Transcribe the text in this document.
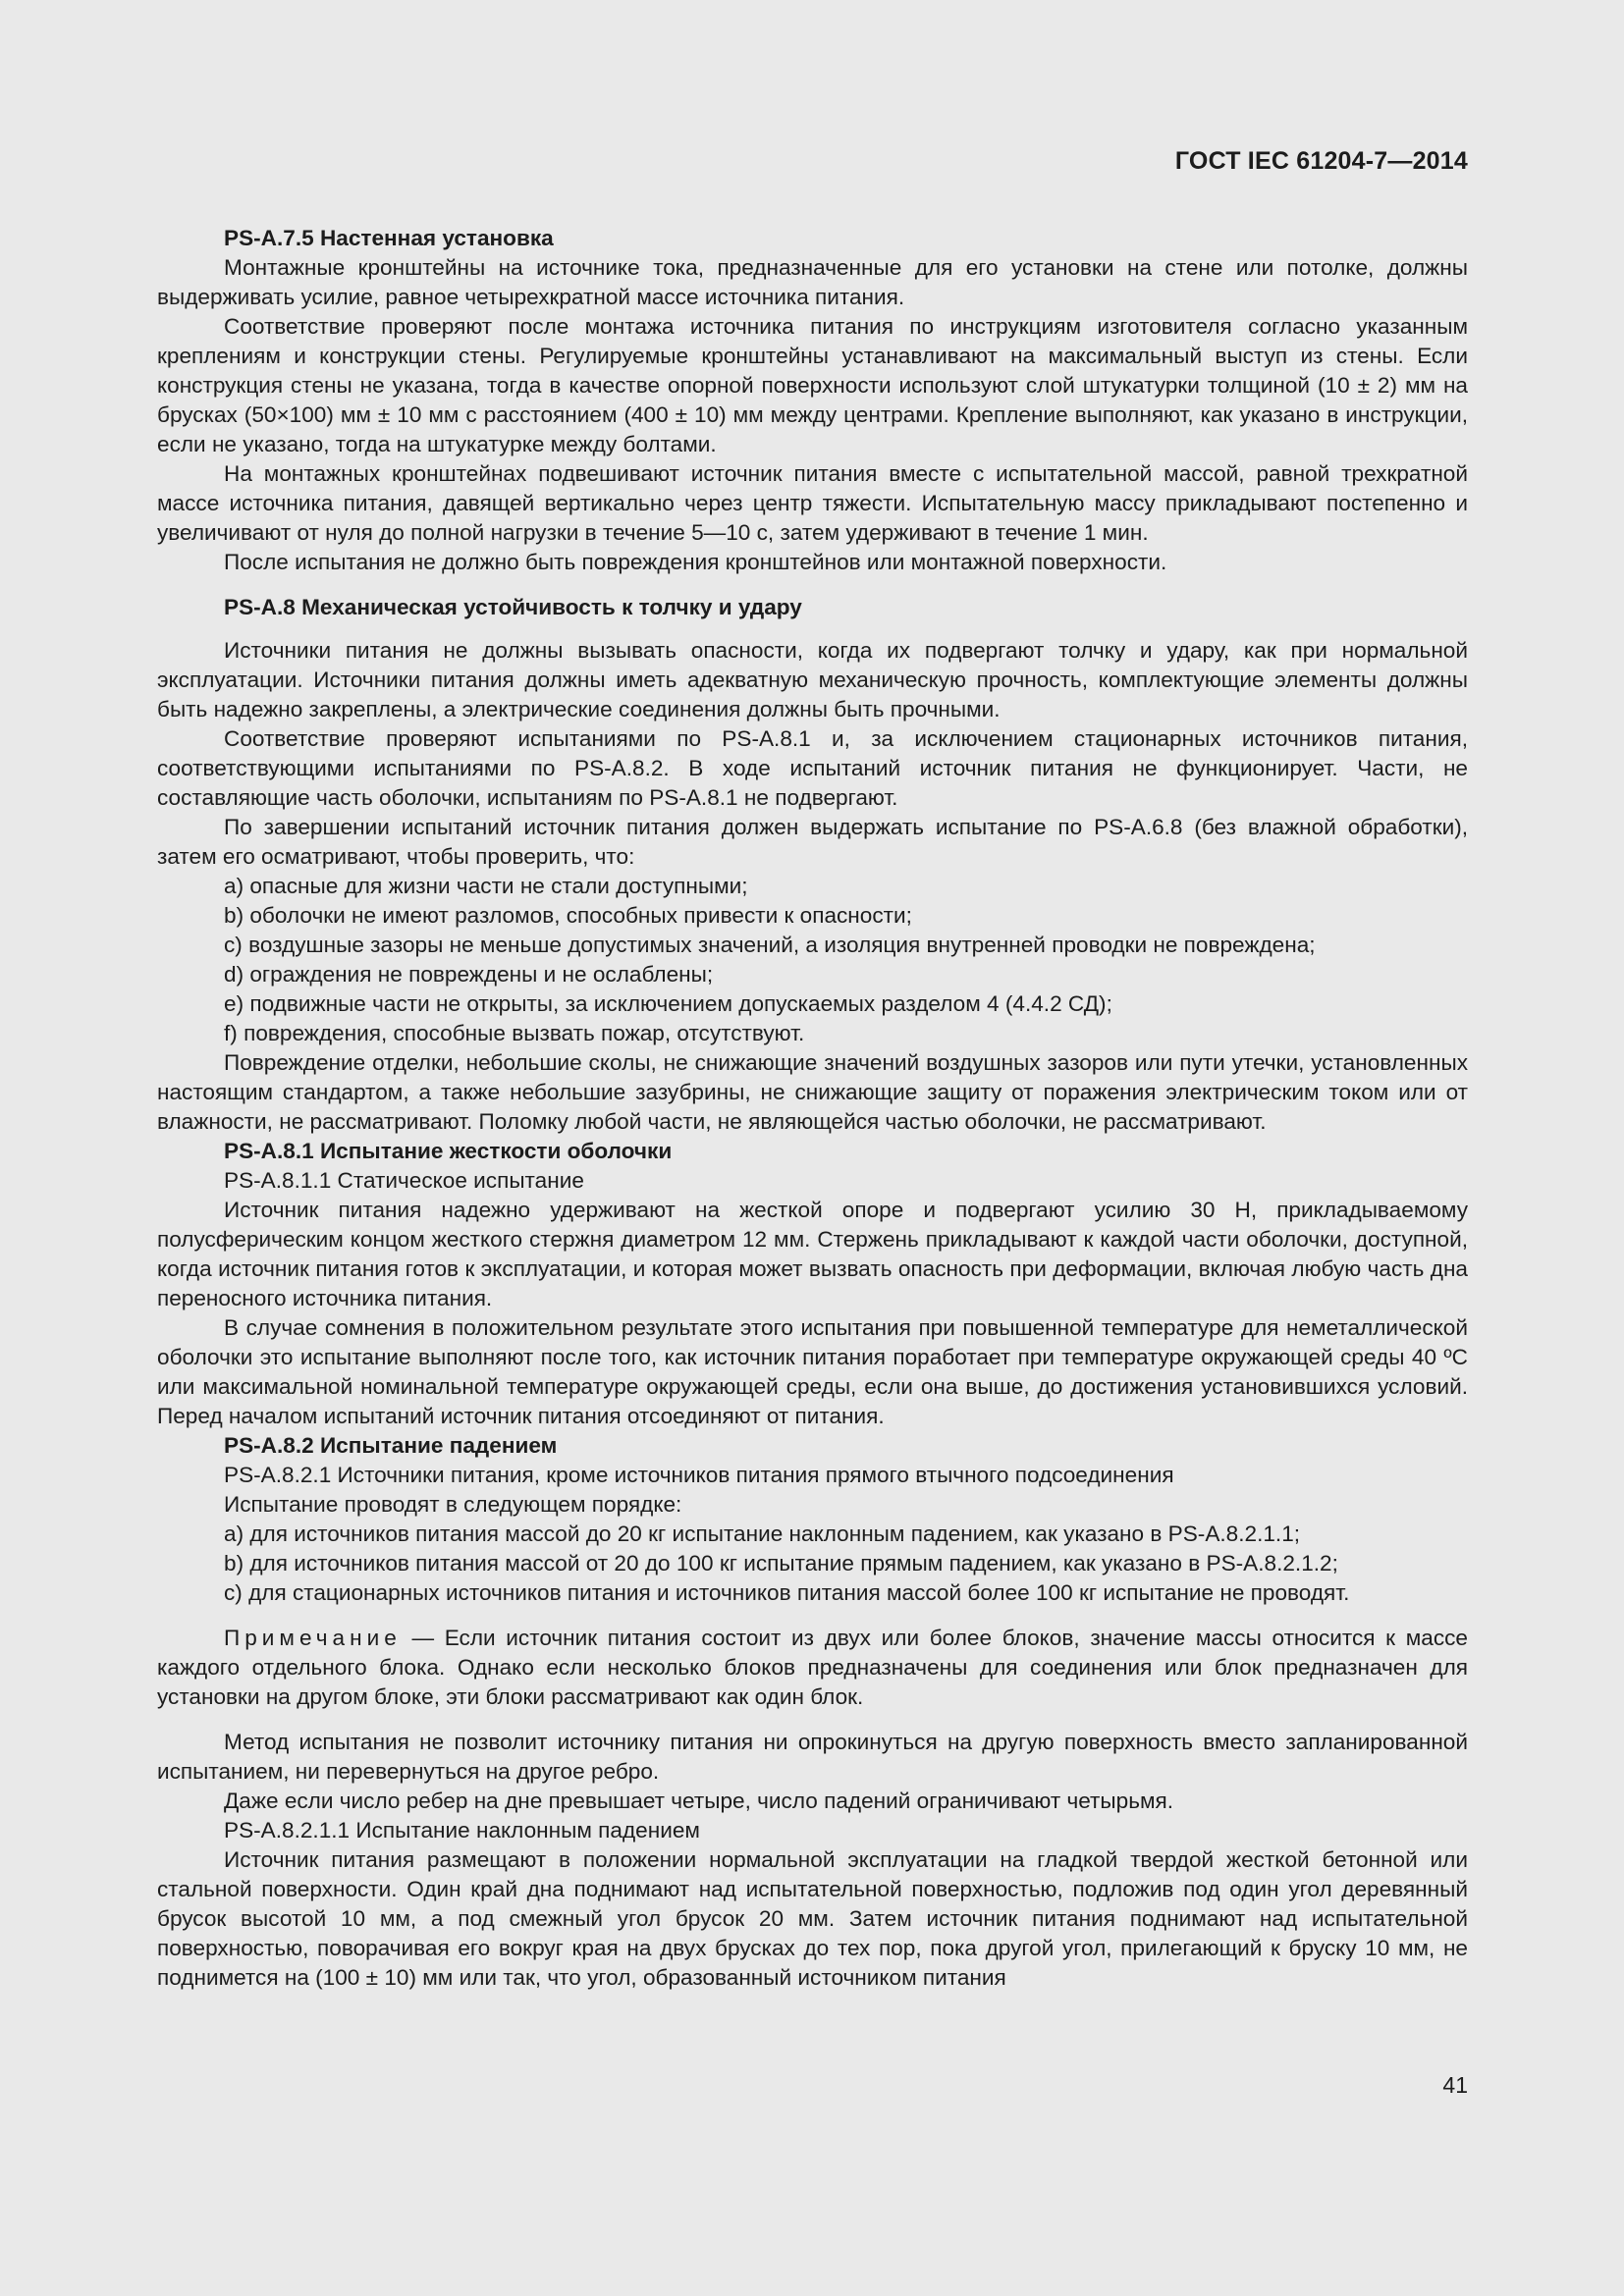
ГОСТ IEC 61204-7—2014

PS-A.7.5 Настенная установка

Монтажные кронштейны на источнике тока, предназначенные для его установки на стене или потолке, должны выдерживать усилие, равное четырехкратной массе источника питания.

Соответствие проверяют после монтажа источника питания по инструкциям изготовителя согласно указанным креплениям и конструкции стены. Регулируемые кронштейны устанавливают на максимальный выступ из стены. Если конструкция стены не указана, тогда в качестве опорной поверхности используют слой штукатурки толщиной (10 ± 2) мм на брусках (50×100) мм ± 10 мм с расстоянием (400 ± 10) мм между центрами. Крепление выполняют, как указано в инструкции, если не указано, тогда на штукатурке между болтами.

На монтажных кронштейнах подвешивают источник питания вместе с испытательной массой, равной трехкратной массе источника питания, давящей вертикально через центр тяжести. Испытательную массу прикладывают постепенно и увеличивают от нуля до полной нагрузки в течение 5—10 с, затем удерживают в течение 1 мин.

После испытания не должно быть повреждения кронштейнов или монтажной поверхности.

PS-A.8 Механическая устойчивость к толчку и удару

Источники питания не должны вызывать опасности, когда их подвергают толчку и удару, как при нормальной эксплуатации. Источники питания должны иметь адекватную механическую прочность, комплектующие элементы должны быть надежно закреплены, а электрические соединения должны быть прочными.

Соответствие проверяют испытаниями по PS-A.8.1 и, за исключением стационарных источников питания, соответствующими испытаниями по PS-A.8.2. В ходе испытаний источник питания не функционирует. Части, не составляющие часть оболочки, испытаниям по PS-A.8.1 не подвергают.

По завершении испытаний источник питания должен выдержать испытание по PS-A.6.8 (без влажной обработки), затем его осматривают, чтобы проверить, что:

a) опасные для жизни части не стали доступными;

b) оболочки не имеют разломов, способных привести к опасности;

c) воздушные зазоры не меньше допустимых значений, а изоляция внутренней проводки не повреждена;

d) ограждения не повреждены и не ослаблены;

e) подвижные части не открыты, за исключением допускаемых разделом 4 (4.4.2 СД);

f) повреждения, способные вызвать пожар, отсутствуют.

Повреждение отделки, небольшие сколы, не снижающие значений воздушных зазоров или пути утечки, установленных настоящим стандартом, а также небольшие зазубрины, не снижающие защиту от поражения электрическим током или от влажности, не рассматривают. Поломку любой части, не являющейся частью оболочки, не рассматривают.

PS-A.8.1 Испытание жесткости оболочки

PS-A.8.1.1 Статическое испытание

Источник питания надежно удерживают на жесткой опоре и подвергают усилию 30 Н, прикладываемому полусферическим концом жесткого стержня диаметром 12 мм. Стержень прикладывают к каждой части оболочки, доступной, когда источник питания готов к эксплуатации, и которая может вызвать опасность при деформации, включая любую часть дна переносного источника питания.

В случае сомнения в положительном результате этого испытания при повышенной температуре для неметаллической оболочки это испытание выполняют после того, как источник питания поработает при температуре окружающей среды 40 ºС или максимальной номинальной температуре окружающей среды, если она выше, до достижения установившихся условий. Перед началом испытаний источник питания отсоединяют от питания.

PS-A.8.2 Испытание падением

PS-A.8.2.1 Источники питания, кроме источников питания прямого втычного подсоединения

Испытание проводят в следующем порядке:

a) для источников питания массой до 20 кг испытание наклонным падением, как указано в PS-A.8.2.1.1;

b) для источников питания массой от 20 до 100 кг испытание прямым падением, как указано в PS-A.8.2.1.2;

c) для стационарных источников питания и источников питания массой более 100 кг испытание не проводят.

Примечание — Если источник питания состоит из двух или более блоков, значение массы относится к массе каждого отдельного блока. Однако если несколько блоков предназначены для соединения или блок предназначен для установки на другом блоке, эти блоки рассматривают как один блок.

Метод испытания не позволит источнику питания ни опрокинуться на другую поверхность вместо запланированной испытанием, ни перевернуться на другое ребро.

Даже если число ребер на дне превышает четыре, число падений ограничивают четырьмя.

PS-A.8.2.1.1 Испытание наклонным падением

Источник питания размещают в положении нормальной эксплуатации на гладкой твердой жесткой бетонной или стальной поверхности. Один край дна поднимают над испытательной поверхностью, подложив под один угол деревянный брусок высотой 10 мм, а под смежный угол брусок 20 мм. Затем источник питания поднимают над испытательной поверхностью, поворачивая его вокруг края на двух брусках до тех пор, пока другой угол, прилегающий к бруску 10 мм, не поднимется на (100 ± 10) мм или так, что угол, образованный источником питания

41
